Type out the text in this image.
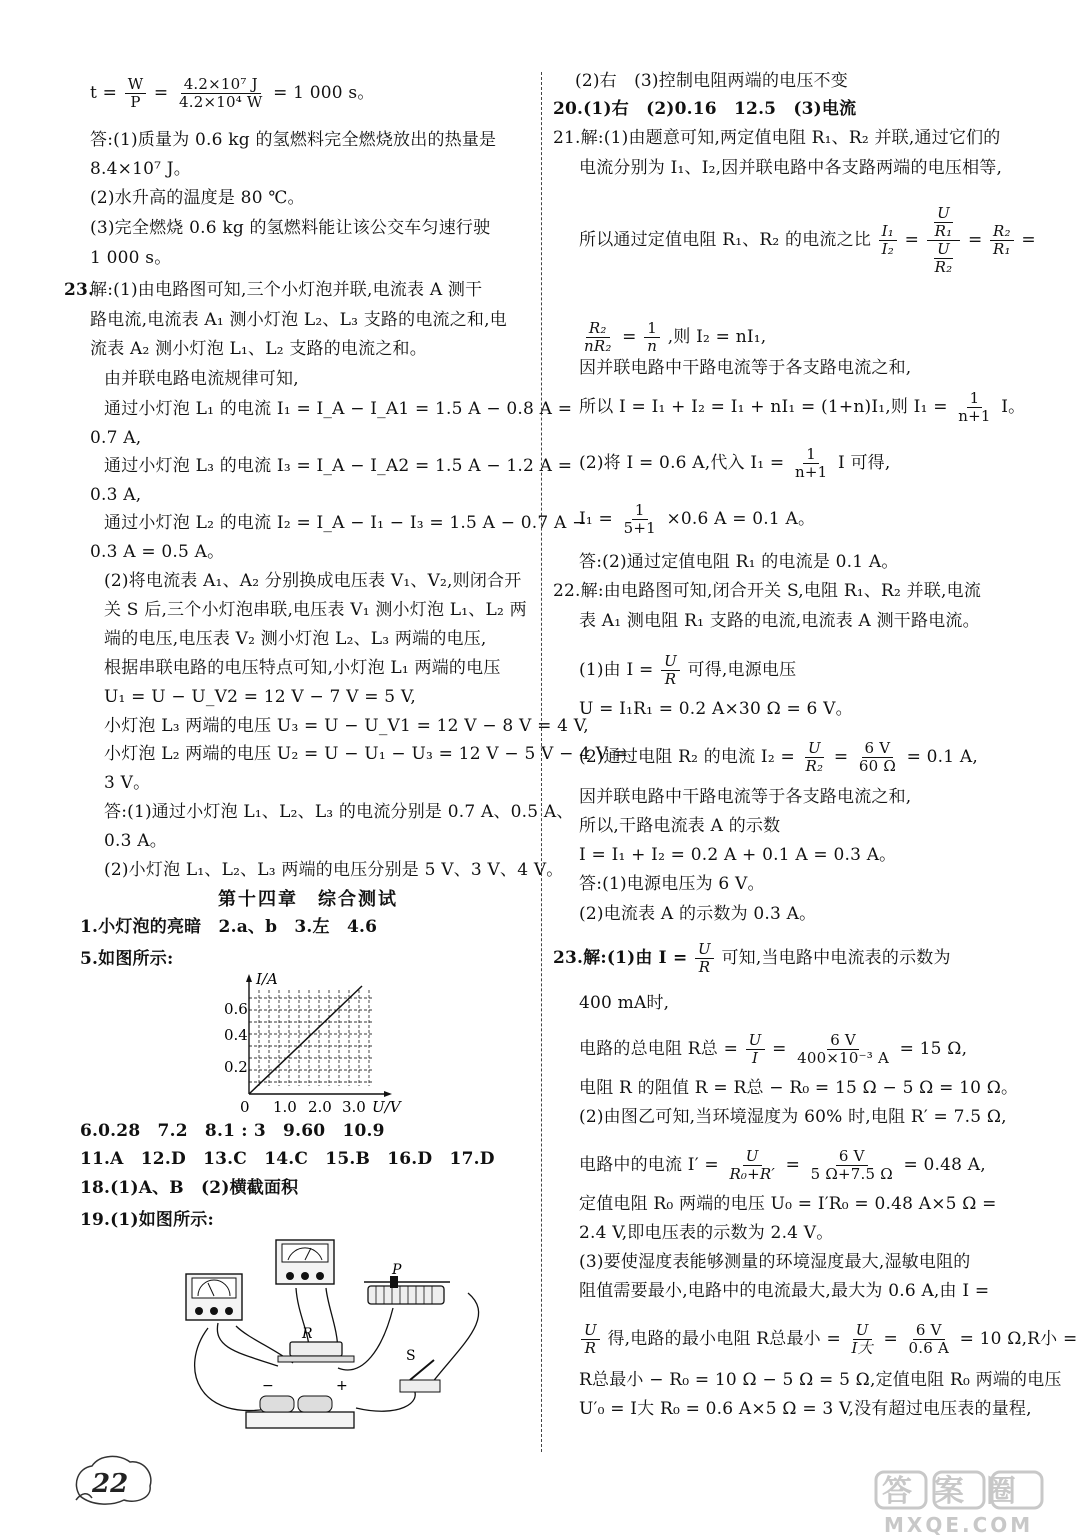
$t = \frac{W}{P} = \frac{\text{4.2×10⁷ J}}{\text{4.2×10⁴ W}} = 1$ 000 s。
答:(1)质量为 0.6 kg 的氢燃料完全燃烧放出的热量是
8.4×10⁷ J。
(2)水升高的温度是 80 ℃。
(3)完全燃烧 0.6 kg 的氢燃料能让该公交车匀速行驶
1 000 s。
23.
解:(1)由电路图可知,三个小灯泡并联,电流表 A 测干
路电流,电流表 A₁ 测小灯泡 L₂、L₃ 支路的电流之和,电
流表 A₂ 测小灯泡 L₁、L₂ 支路的电流之和。
由并联电路电流规律可知,
通过小灯泡 L₁ 的电流 I₁ = I_A − I_A1 = 1.5 A − 0.8 A =
0.7 A,
通过小灯泡 L₃ 的电流 I₃ = I_A − I_A2 = 1.5 A − 1.2 A =
0.3 A,
通过小灯泡 L₂ 的电流 I₂ = I_A − I₁ − I₃ = 1.5 A − 0.7 A −
0.3 A = 0.5 A。
(2)将电流表 A₁、A₂ 分别换成电压表 V₁、V₂,则闭合开
关 S 后,三个小灯泡串联,电压表 V₁ 测小灯泡 L₁、L₂ 两
端的电压,电压表 V₂ 测小灯泡 L₂、L₃ 两端的电压,
根据串联电路的电压特点可知,小灯泡 L₁ 两端的电压
U₁ = U − U_V2 = 12 V − 7 V = 5 V,
小灯泡 L₃ 两端的电压 U₃ = U − U_V1 = 12 V − 8 V = 4 V,
小灯泡 L₂ 两端的电压 U₂ = U − U₁ − U₃ = 12 V − 5 V − 4 V =
3 V。
答:(1)通过小灯泡 L₁、L₂、L₃ 的电流分别是 0.7 A、0.5 A、
0.3 A。
(2)小灯泡 L₁、L₂、L₃ 两端的电压分别是 5 V、3 V、4 V。
第十四章　综合测试
1.小灯泡的亮暗　2.a、b　3.左　4.6
5.如图所示:
I/A
U/V
0
0.2
0.4
0.6
1.0 2.0 3.0
6.0.28　7.2　8.1 : 3　9.60　10.9
11.A　12.D　13.C　14.C　15.B　16.D　17.D
18.(1)A、B　(2)横截面积
19.(1)如图所示:
P
R
−	+
S
22
(2)右　(3)控制电阻两端的电压不变
20.(1)右　(2)0.16　12.5　(3)电流
21.解:(1)由题意可知,两定值电阻 R₁、R₂ 并联,通过它们的
电流分别为 I₁、I₂,因并联电路中各支路两端的电压相等,
所以通过定值电阻 R₁、R₂ 的电流之比 $\frac{\text{I₁}}{\text{I₂}} = \frac{\frac{U}{\text{R₁}}}{\frac{U}{\text{R₂}}} = \frac{\text{R₂}}{\text{R₁}}$ =
$\frac{\text{R₂}}{\text{nR₂}} = \frac{1}{n}$ ,则 I₂ = nI₁,
因并联电路中干路电流等于各支路电流之和,
所以 I = I₁ + I₂ = I₁ + nI₁ = (1+n)I₁,则 $I_1 = \frac{1}{n+1}$ I。
(2)将 I = 0.6 A,代入 $I_1 = \frac{1}{n+1}$ I 可得,
$I_1 = \frac{1}{5+1} \times 0.6$ A = 0.1 A。
答:(2)通过定值电阻 R₁ 的电流是 0.1 A。
22.解:由电路图可知,闭合开关 S,电阻 R₁、R₂ 并联,电流
表 A₁ 测电阻 R₁ 支路的电流,电流表 A 测干路电流。
(1)由 $I = \frac{U}{R}$ 可得,电源电压
U = I₁R₁ = 0.2 A×30 Ω = 6 V。
(2)通过电阻 R₂ 的电流 $I_2 = \frac{U}{\text{R₂}} = \frac{6 V}{60 \Omega} = 0.1$ A,
因并联电路中干路电流等于各支路电流之和,
所以,干路电流表 A 的示数
I = I₁ + I₂ = 0.2 A + 0.1 A = 0.3 A。
答:(1)电源电压为 6 V。
(2)电流表 A 的示数为 0.3 A。
23.解:(1)由 $I = \frac{U}{R}$ 可知,当电路中电流表的示数为
400 mA时,
电路的总电阻 R总 = $\frac{U}{I} = \frac{6 V}{\text{400×10⁻³ A}} = 15$ Ω,
电阻 R 的阻值 R = R总 − R₀ = 15 Ω − 5 Ω = 10 Ω。
(2)由图乙可知,当环境湿度为 60% 时,电阻 R′ = 7.5 Ω,
电路中的电流 $I' = \frac{U}{\text{R₀+R′}} = \frac{6 V}{5 \Omega+7.5 \Omega} = 0.48$ A,
定值电阻 R₀ 两端的电压 U₀ = I′R₀ = 0.48 A×5 Ω =
2.4 V,即电压表的示数为 2.4 V。
(3)要使湿度表能够测量的环境湿度最大,湿敏电阻的
阻值需要最小,电路中的电流最大,最大为 0.6 A,由 I =
$\frac{U}{R}$ 得,电路的最小电阻 R总最小 = $\frac{U}{\text{I大}} = \frac{6 V}{0.6 A} = 10$ Ω,R小 =
R总最小 − R₀ = 10 Ω − 5 Ω = 5 Ω,定值电阻 R₀ 两端的电压
U′₀ = I大 R₀ = 0.6 A×5 Ω = 3 V,没有超过电压表的量程,
答案圈
MXQE.COM
